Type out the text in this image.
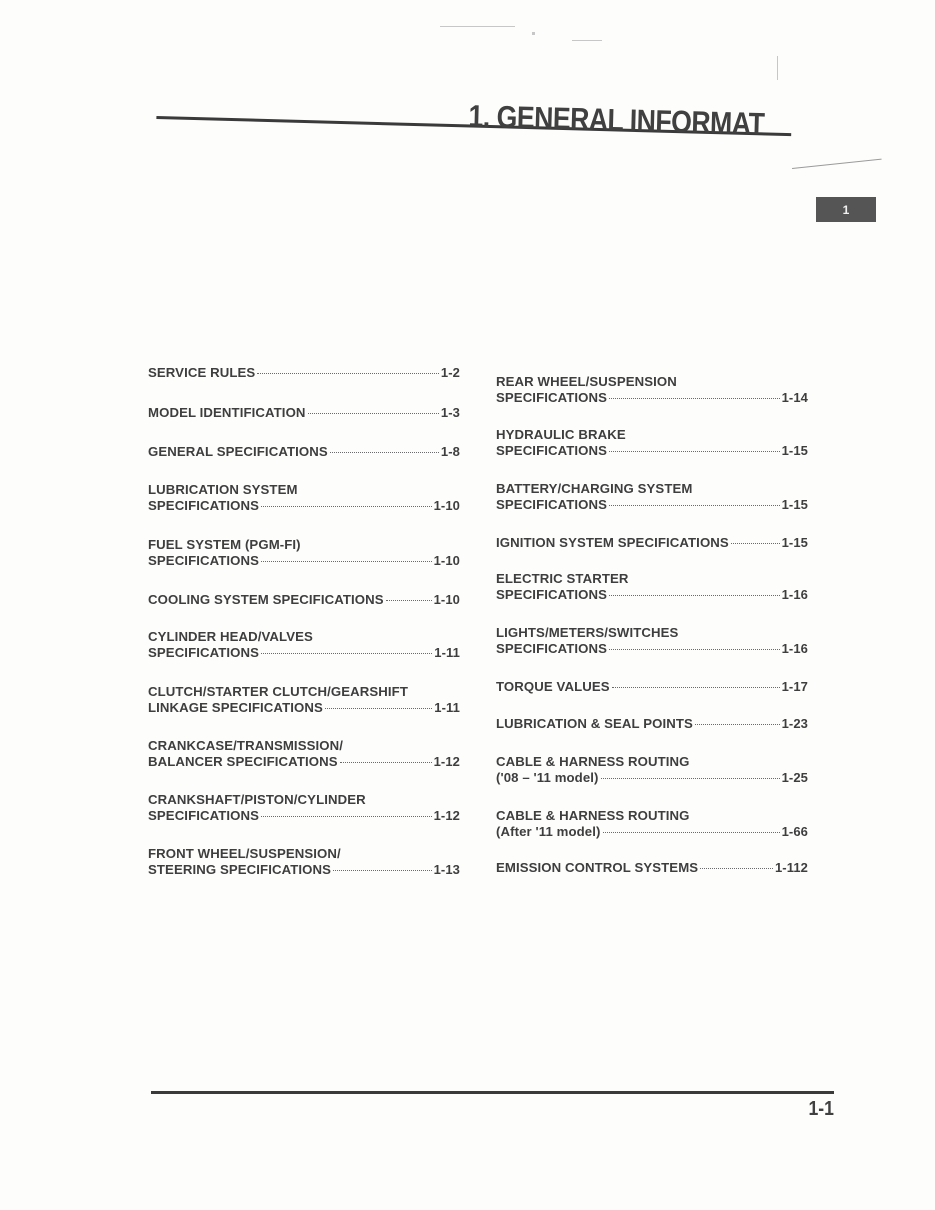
1. GENERAL INFORMAT
1
SERVICE RULES	1-2
MODEL IDENTIFICATION	1-3
GENERAL SPECIFICATIONS	1-8
LUBRICATION SYSTEM
SPECIFICATIONS	1-10
FUEL SYSTEM (PGM-FI)
SPECIFICATIONS	1-10
COOLING SYSTEM SPECIFICATIONS	1-10
CYLINDER HEAD/VALVES
SPECIFICATIONS	1-11
CLUTCH/STARTER CLUTCH/GEARSHIFT
LINKAGE SPECIFICATIONS	1-11
CRANKCASE/TRANSMISSION/
BALANCER SPECIFICATIONS	1-12
CRANKSHAFT/PISTON/CYLINDER
SPECIFICATIONS	1-12
FRONT WHEEL/SUSPENSION/
STEERING SPECIFICATIONS	1-13
REAR WHEEL/SUSPENSION
SPECIFICATIONS	1-14
HYDRAULIC BRAKE
SPECIFICATIONS	1-15
BATTERY/CHARGING SYSTEM
SPECIFICATIONS	1-15
IGNITION SYSTEM SPECIFICATIONS	1-15
ELECTRIC STARTER
SPECIFICATIONS	1-16
LIGHTS/METERS/SWITCHES
SPECIFICATIONS	1-16
TORQUE VALUES	1-17
LUBRICATION & SEAL POINTS	1-23
CABLE & HARNESS ROUTING
('08 – '11 model)	1-25
CABLE & HARNESS ROUTING
(After '11 model)	1-66
EMISSION CONTROL SYSTEMS	1-112
1-1
